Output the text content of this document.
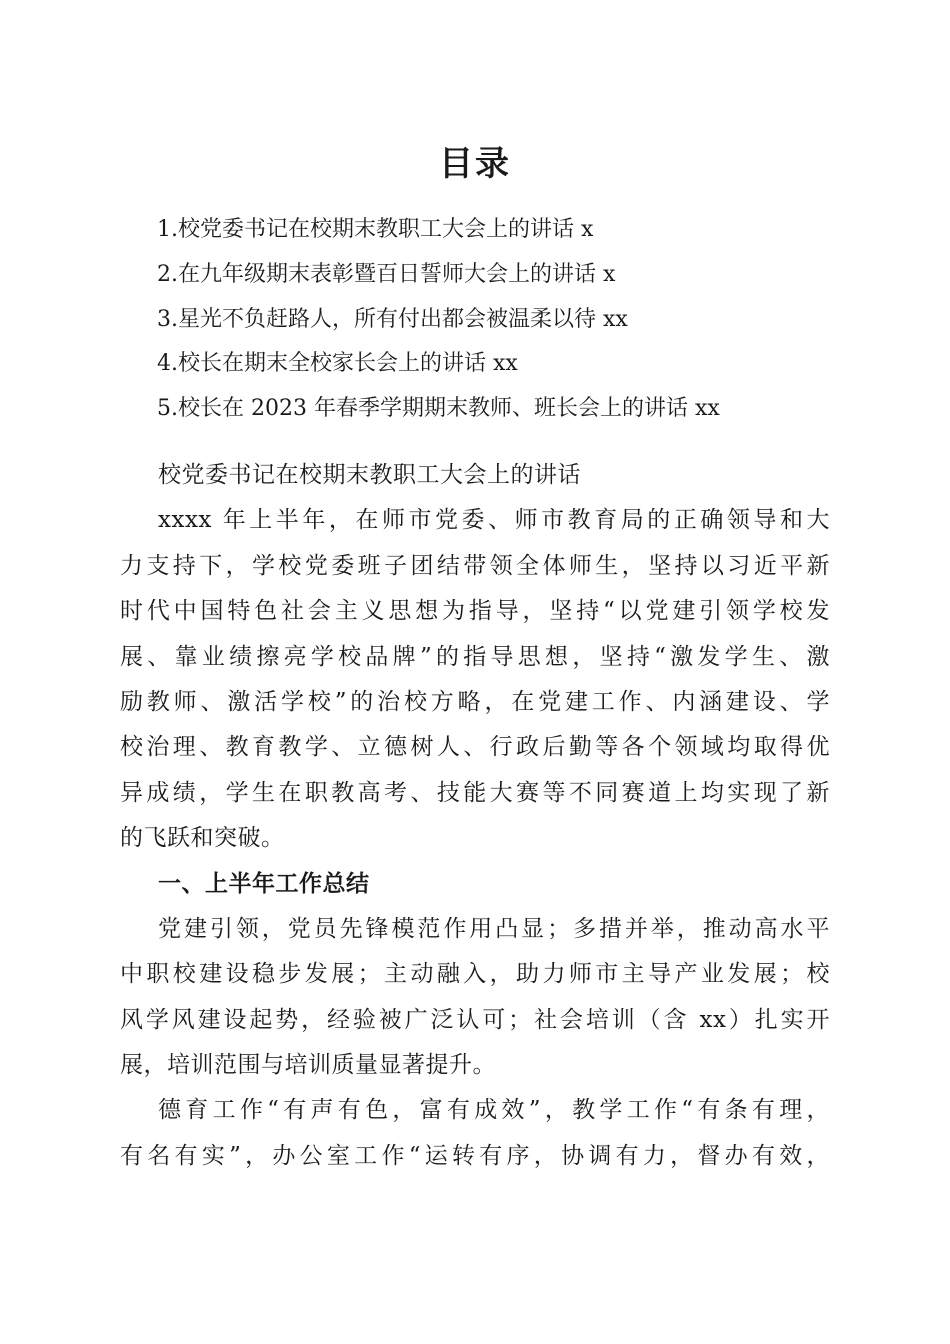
目录
1.校党委书记在校期末教职工大会上的讲话 x
2.在九年级期末表彰暨百日誓师大会上的讲话 x
3.星光不负赶路人，所有付出都会被温柔以待 xx
4.校长在期末全校家长会上的讲话 xx
5.校长在 2023 年春季学期期末教师、班长会上的讲话 xx
校党委书记在校期末教职工大会上的讲话
xxxx 年上半年，在师市党委、师市教育局的正确领导和大
力支持下，学校党委班子团结带领全体师生，坚持以习近平新
时代中国特色社会主义思想为指导，坚持“以党建引领学校发
展、靠业绩擦亮学校品牌”的指导思想，坚持“激发学生、激
励教师、激活学校”的治校方略，在党建工作、内涵建设、学
校治理、教育教学、立德树人、行政后勤等各个领域均取得优
异成绩，学生在职教高考、技能大赛等不同赛道上均实现了新
的飞跃和突破。
一、上半年工作总结
党建引领，党员先锋模范作用凸显；多措并举，推动高水平
中职校建设稳步发展；主动融入，助力师市主导产业发展；校
风学风建设起势，经验被广泛认可；社会培训（含 xx）扎实开
展，培训范围与培训质量显著提升。
德育工作“有声有色，富有成效”，教学工作“有条有理，
有名有实”，办公室工作“运转有序，协调有力，督办有效，
